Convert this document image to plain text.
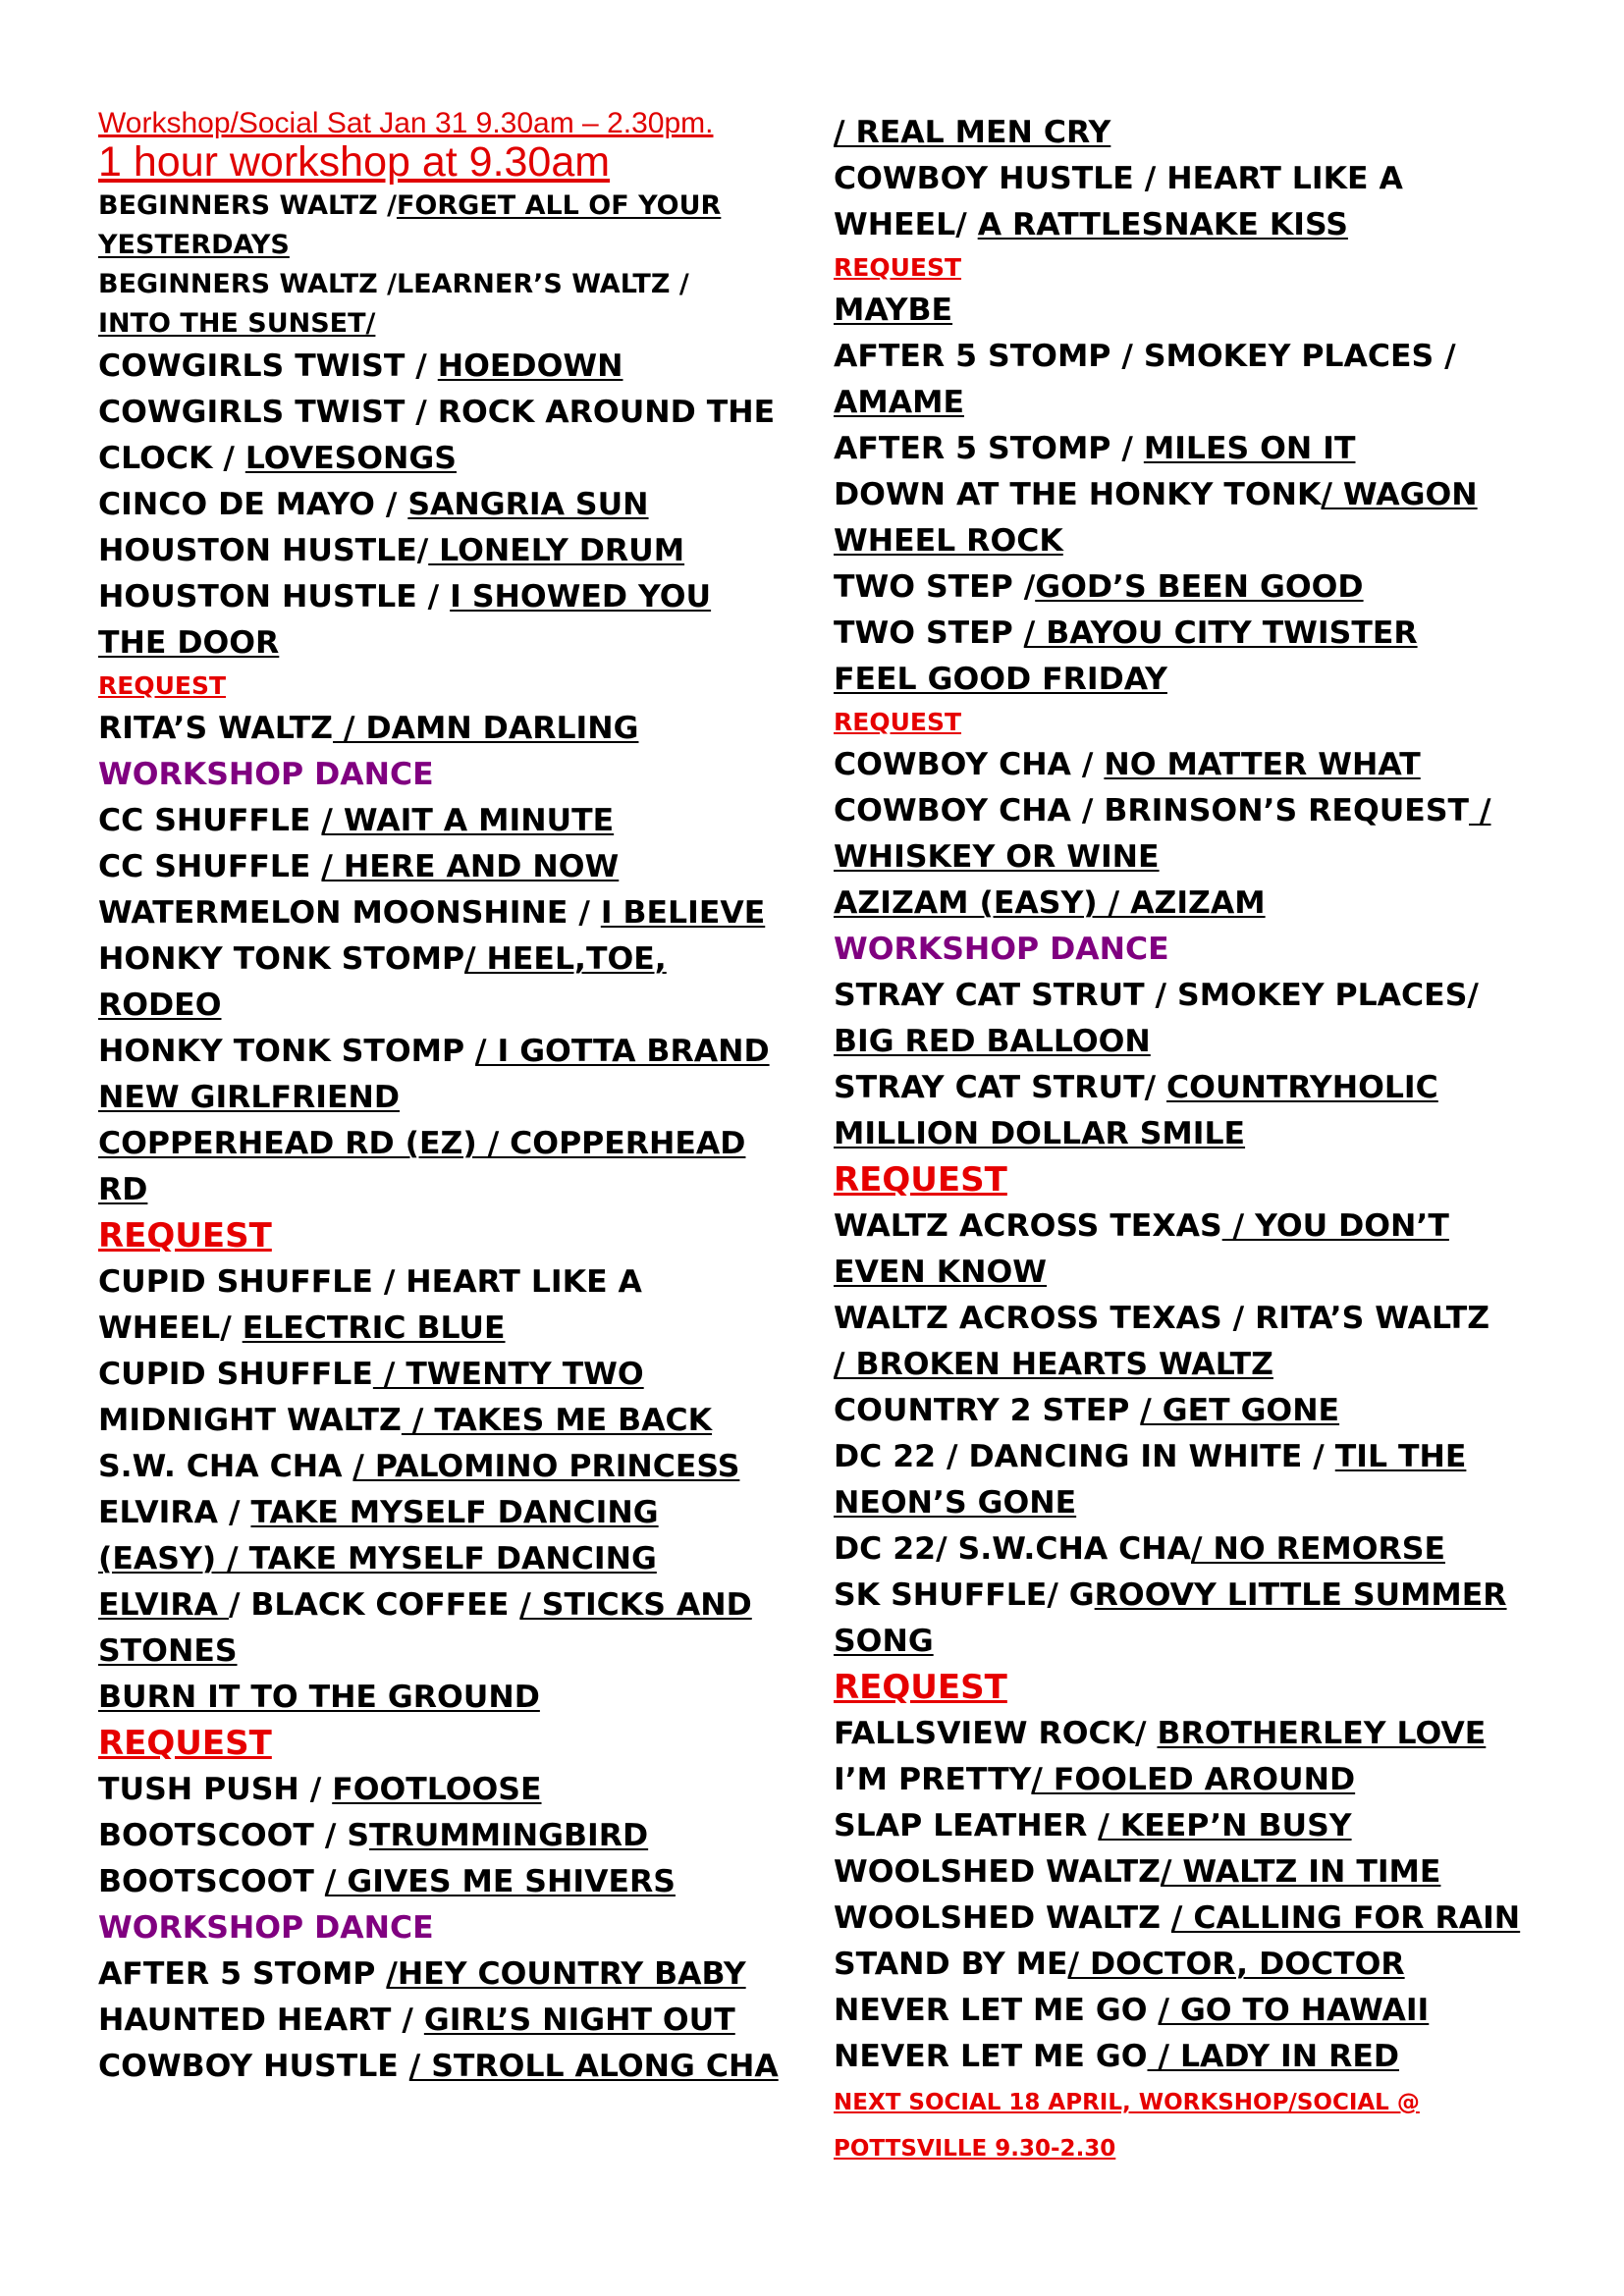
Workshop/Social Sat Jan 31 9.30am – 2.30pm.
1 hour workshop at 9.30am
BEGINNERS WALTZ /FORGET ALL OF YOUR
YESTERDAYS
BEGINNERS WALTZ /LEARNER’S WALTZ /
INTO THE SUNSET/
COWGIRLS TWIST / HOEDOWN
COWGIRLS TWIST / ROCK AROUND THE
CLOCK / LOVESONGS
CINCO DE MAYO / SANGRIA SUN
HOUSTON HUSTLE/ LONELY DRUM
HOUSTON HUSTLE / I SHOWED YOU
THE DOOR
REQUEST
RITA’S WALTZ / DAMN DARLING
WORKSHOP DANCE
CC SHUFFLE / WAIT A MINUTE
CC SHUFFLE / HERE AND NOW
WATERMELON MOONSHINE / I BELIEVE
HONKY TONK STOMP/ HEEL,TOE,
RODEO
HONKY TONK STOMP / I GOTTA BRAND
NEW GIRLFRIEND
COPPERHEAD RD (EZ) / COPPERHEAD
RD
REQUEST
CUPID SHUFFLE / HEART LIKE A
WHEEL/ ELECTRIC BLUE
CUPID SHUFFLE / TWENTY TWO
MIDNIGHT WALTZ / TAKES ME BACK
S.W. CHA CHA / PALOMINO PRINCESS
ELVIRA / TAKE MYSELF DANCING
(EASY) / TAKE MYSELF DANCING
ELVIRA / BLACK COFFEE / STICKS AND
STONES
BURN IT TO THE GROUND
REQUEST
TUSH PUSH / FOOTLOOSE
BOOTSCOOT / STRUMMINGBIRD
BOOTSCOOT / GIVES ME SHIVERS
WORKSHOP DANCE
AFTER 5 STOMP /HEY COUNTRY BABY
HAUNTED HEART / GIRL’S NIGHT OUT
COWBOY HUSTLE / STROLL ALONG CHA
/ REAL MEN CRY
COWBOY HUSTLE / HEART LIKE A
WHEEL/ A RATTLESNAKE KISS
REQUEST
MAYBE
AFTER 5 STOMP / SMOKEY PLACES /
AMAME
AFTER 5 STOMP / MILES ON IT
DOWN AT THE HONKY TONK/ WAGON
WHEEL ROCK
TWO STEP /GOD’S BEEN GOOD
TWO STEP / BAYOU CITY TWISTER
FEEL GOOD FRIDAY
REQUEST
COWBOY CHA / NO MATTER WHAT
COWBOY CHA / BRINSON’S REQUEST /
WHISKEY OR WINE
AZIZAM (EASY) / AZIZAM
WORKSHOP DANCE
STRAY CAT STRUT / SMOKEY PLACES/
BIG RED BALLOON
STRAY CAT STRUT/ COUNTRYHOLIC
MILLION DOLLAR SMILE
REQUEST
WALTZ ACROSS TEXAS / YOU DON’T
EVEN KNOW
WALTZ ACROSS TEXAS / RITA’S WALTZ
/ BROKEN HEARTS WALTZ
COUNTRY 2 STEP / GET GONE
DC 22 / DANCING IN WHITE / TIL THE
NEON’S GONE
DC 22/ S.W.CHA CHA/ NO REMORSE
SK SHUFFLE/ GROOVY LITTLE SUMMER
SONG
REQUEST
FALLSVIEW ROCK/ BROTHERLEY LOVE
I’M PRETTY/ FOOLED AROUND
SLAP LEATHER / KEEP’N BUSY
WOOLSHED WALTZ/ WALTZ IN TIME
WOOLSHED WALTZ / CALLING FOR RAIN
STAND BY ME/ DOCTOR, DOCTOR
NEVER LET ME GO / GO TO HAWAII
NEVER LET ME GO / LADY IN RED
NEXT SOCIAL 18 APRIL, WORKSHOP/SOCIAL @
POTTSVILLE 9.30-2.30
